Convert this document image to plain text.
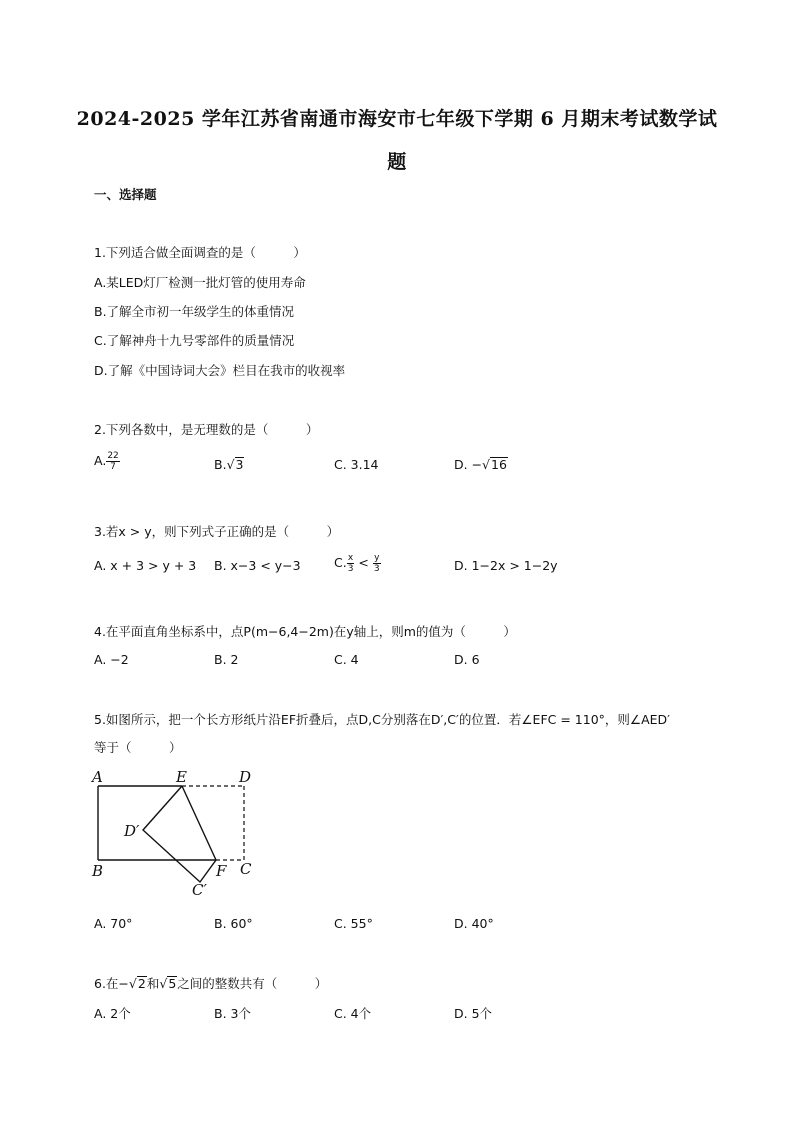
2024-2025 学年江苏省南通市海安市七年级下学期 6 月期末考试数学试
题
一、选择题
1.下列适合做全面调查的是（　　　）
A.某LED灯厂检测一批灯管的使用寿命
B.了解全市初一年级学生的体重情况
C.了解神舟十九号零部件的质量情况
D.了解《中国诗词大会》栏目在我市的收视率
2.下列各数中，是无理数的是（　　　）
A. $\frac{22}{7}$	B.√3	C. 3.14	D. −√16
3.若x > y，则下列式子正确的是（　　　）
A. x + 3 > y + 3 B. x−3 < y−3	C. $\frac{x}{3} < \frac{y}{3}$	D. 1−2x > 1−2y
4.在平面直角坐标系中，点P(m−6,4−2m)在y轴上，则m的值为（　　　）
A. −2	B. 2	C. 4	D. 6
5.如图所示，把一个长方形纸片沿EF折叠后，点D,C分别落在D′,C′的位置．若∠EFC = 110°，则∠AED′
等于（　　　）
A	E	D
D′
B	F C
C′
A. 70°	B. 60°	C. 55°	D. 40°
6.在−√2和√5之间的整数共有（　　　）
A. 2个	B. 3个	C. 4个	D. 5个
